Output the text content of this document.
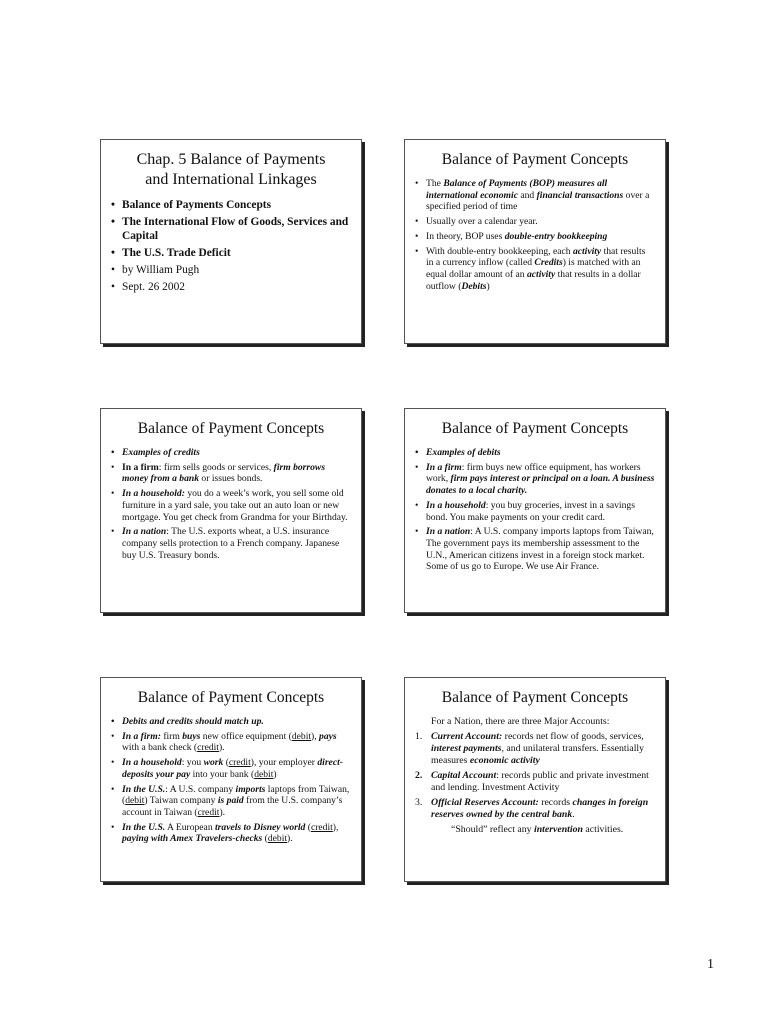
Chap. 5 Balance of Payments
and International Linkages
• Balance of Payments Concepts
• The International Flow of Goods, Services and Capital
• The U.S. Trade Deficit
• by William Pugh
• Sept. 26 2002
Balance of Payment Concepts
• The Balance of Payments (BOP) measures all international economic and financial transactions over a specified period of time
• Usually over a calendar year.
• In theory, BOP uses double-entry bookkeeping
• With double-entry bookkeeping, each activity that results in a currency inflow (called Credits) is matched with an equal dollar amount of an activity that results in a dollar outflow (Debits)
Balance of Payment Concepts
• Examples of credits
• In a firm: firm sells goods or services, firm borrows money from a bank or issues bonds.
• In a household: you do a week’s work, you sell some old furniture in a yard sale, you take out an auto loan or new mortgage. You get check from Grandma for your Birthday.
• In a nation: The U.S. exports wheat, a U.S. insurance company sells protection to a French company. Japanese buy U.S. Treasury bonds.
Balance of Payment Concepts
• Examples of debits
• In a firm: firm buys new office equipment, has workers work, firm pays interest or principal on a loan. A business donates to a local charity.
• In a household: you buy groceries, invest in a savings bond. You make payments on your credit card.
• In a nation: A U.S. company imports laptops from Taiwan, The government pays its membership assessment to the U.N., American citizens invest in a foreign stock market. Some of us go to Europe. We use Air France.
Balance of Payment Concepts
• Debits and credits should match up.
• In a firm: firm buys new office equipment (debit), pays with a bank check (credit).
• In a household: you work (credit), your employer direct-deposits your pay into your bank (debit)
• In the U.S.: A U.S. company imports laptops from Taiwan, (debit) Taiwan company is paid from the U.S. company’s account in Taiwan (credit).
• In the U.S. A European travels to Disney world (credit), paying with Amex Travelers-checks (debit).
Balance of Payment Concepts
For a Nation, there are three Major Accounts:
1. Current Account: records net flow of goods, services, interest payments, and unilateral transfers. Essentially measures economic activity
2. Capital Account: records public and private investment and lending. Investment Activity
3. Official Reserves Account: records changes in foreign reserves owned by the central bank.
“Should” reflect any intervention activities.
1
